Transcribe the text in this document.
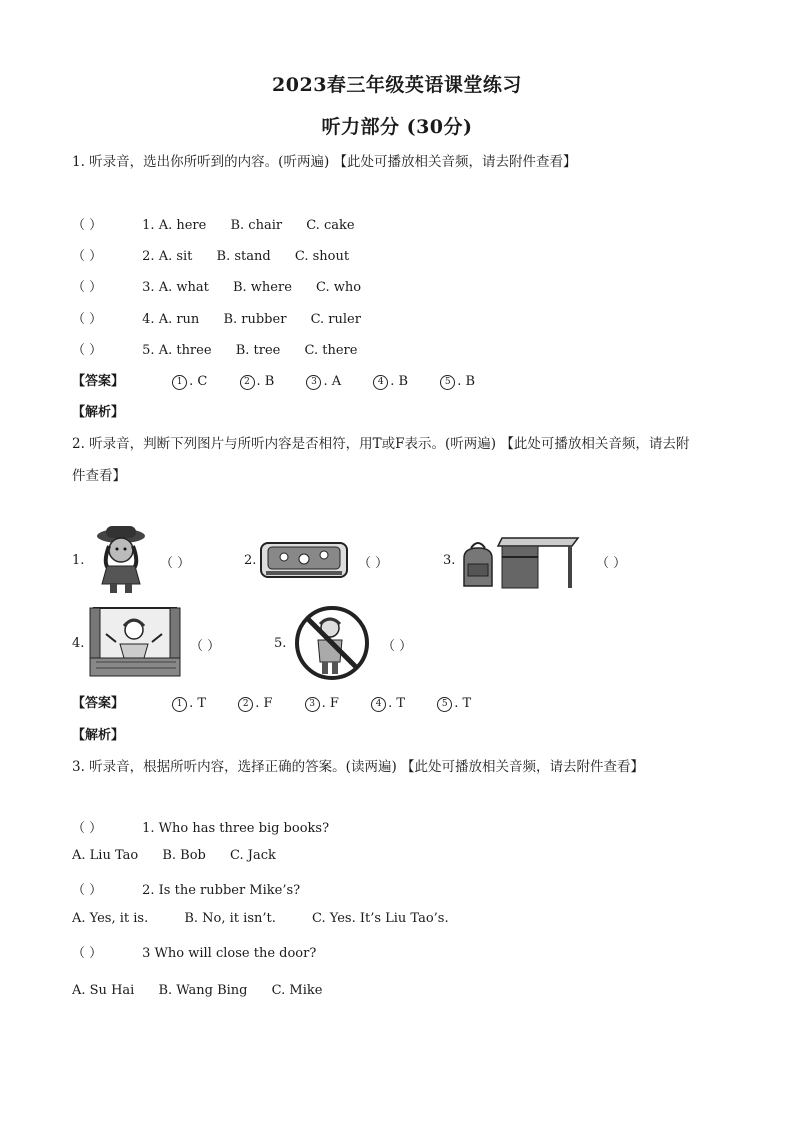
2023春三年级英语课堂练习
听力部分 (30分)
1. 听录音，选出你所听到的内容。(听两遍) 【此处可播放相关音频，请去附件查看】
（ ）	1. A. here B. chair C. cake
（ ）	2. A. sit B. stand C. shout
（ ）	3. A. what B. where C. who
（ ）	4. A. run B. rubber C. ruler
（ ）	5. A. three B. tree C. there
【答案】	1 . C	2 . B	3 . A	4 . B	5 . B
【解析】
2. 听录音，判断下列图片与所听内容是否相符，用T或F表示。(听两遍) 【此处可播放相关音频，请去附
件查看】
1.	（ ）	2.	（ ）	3.	（ ）
4.	（ ）	5.	（ ）
【答案】	1 . T	2 . F	3 . F	4 . T	5 . T
【解析】
3. 听录音，根据所听内容，选择正确的答案。(读两遍) 【此处可播放相关音频，请去附件查看】
（ ）	1. Who has three big books?
A. Liu Tao B. Bob C. Jack
（ ）	2. Is the rubber Mike’s?
A. Yes, it is.	B. No, it isn’t.	C. Yes. It’s Liu Tao’s.
（ ）	3 Who will close the door?
A. Su Hai B. Wang Bing C. Mike
